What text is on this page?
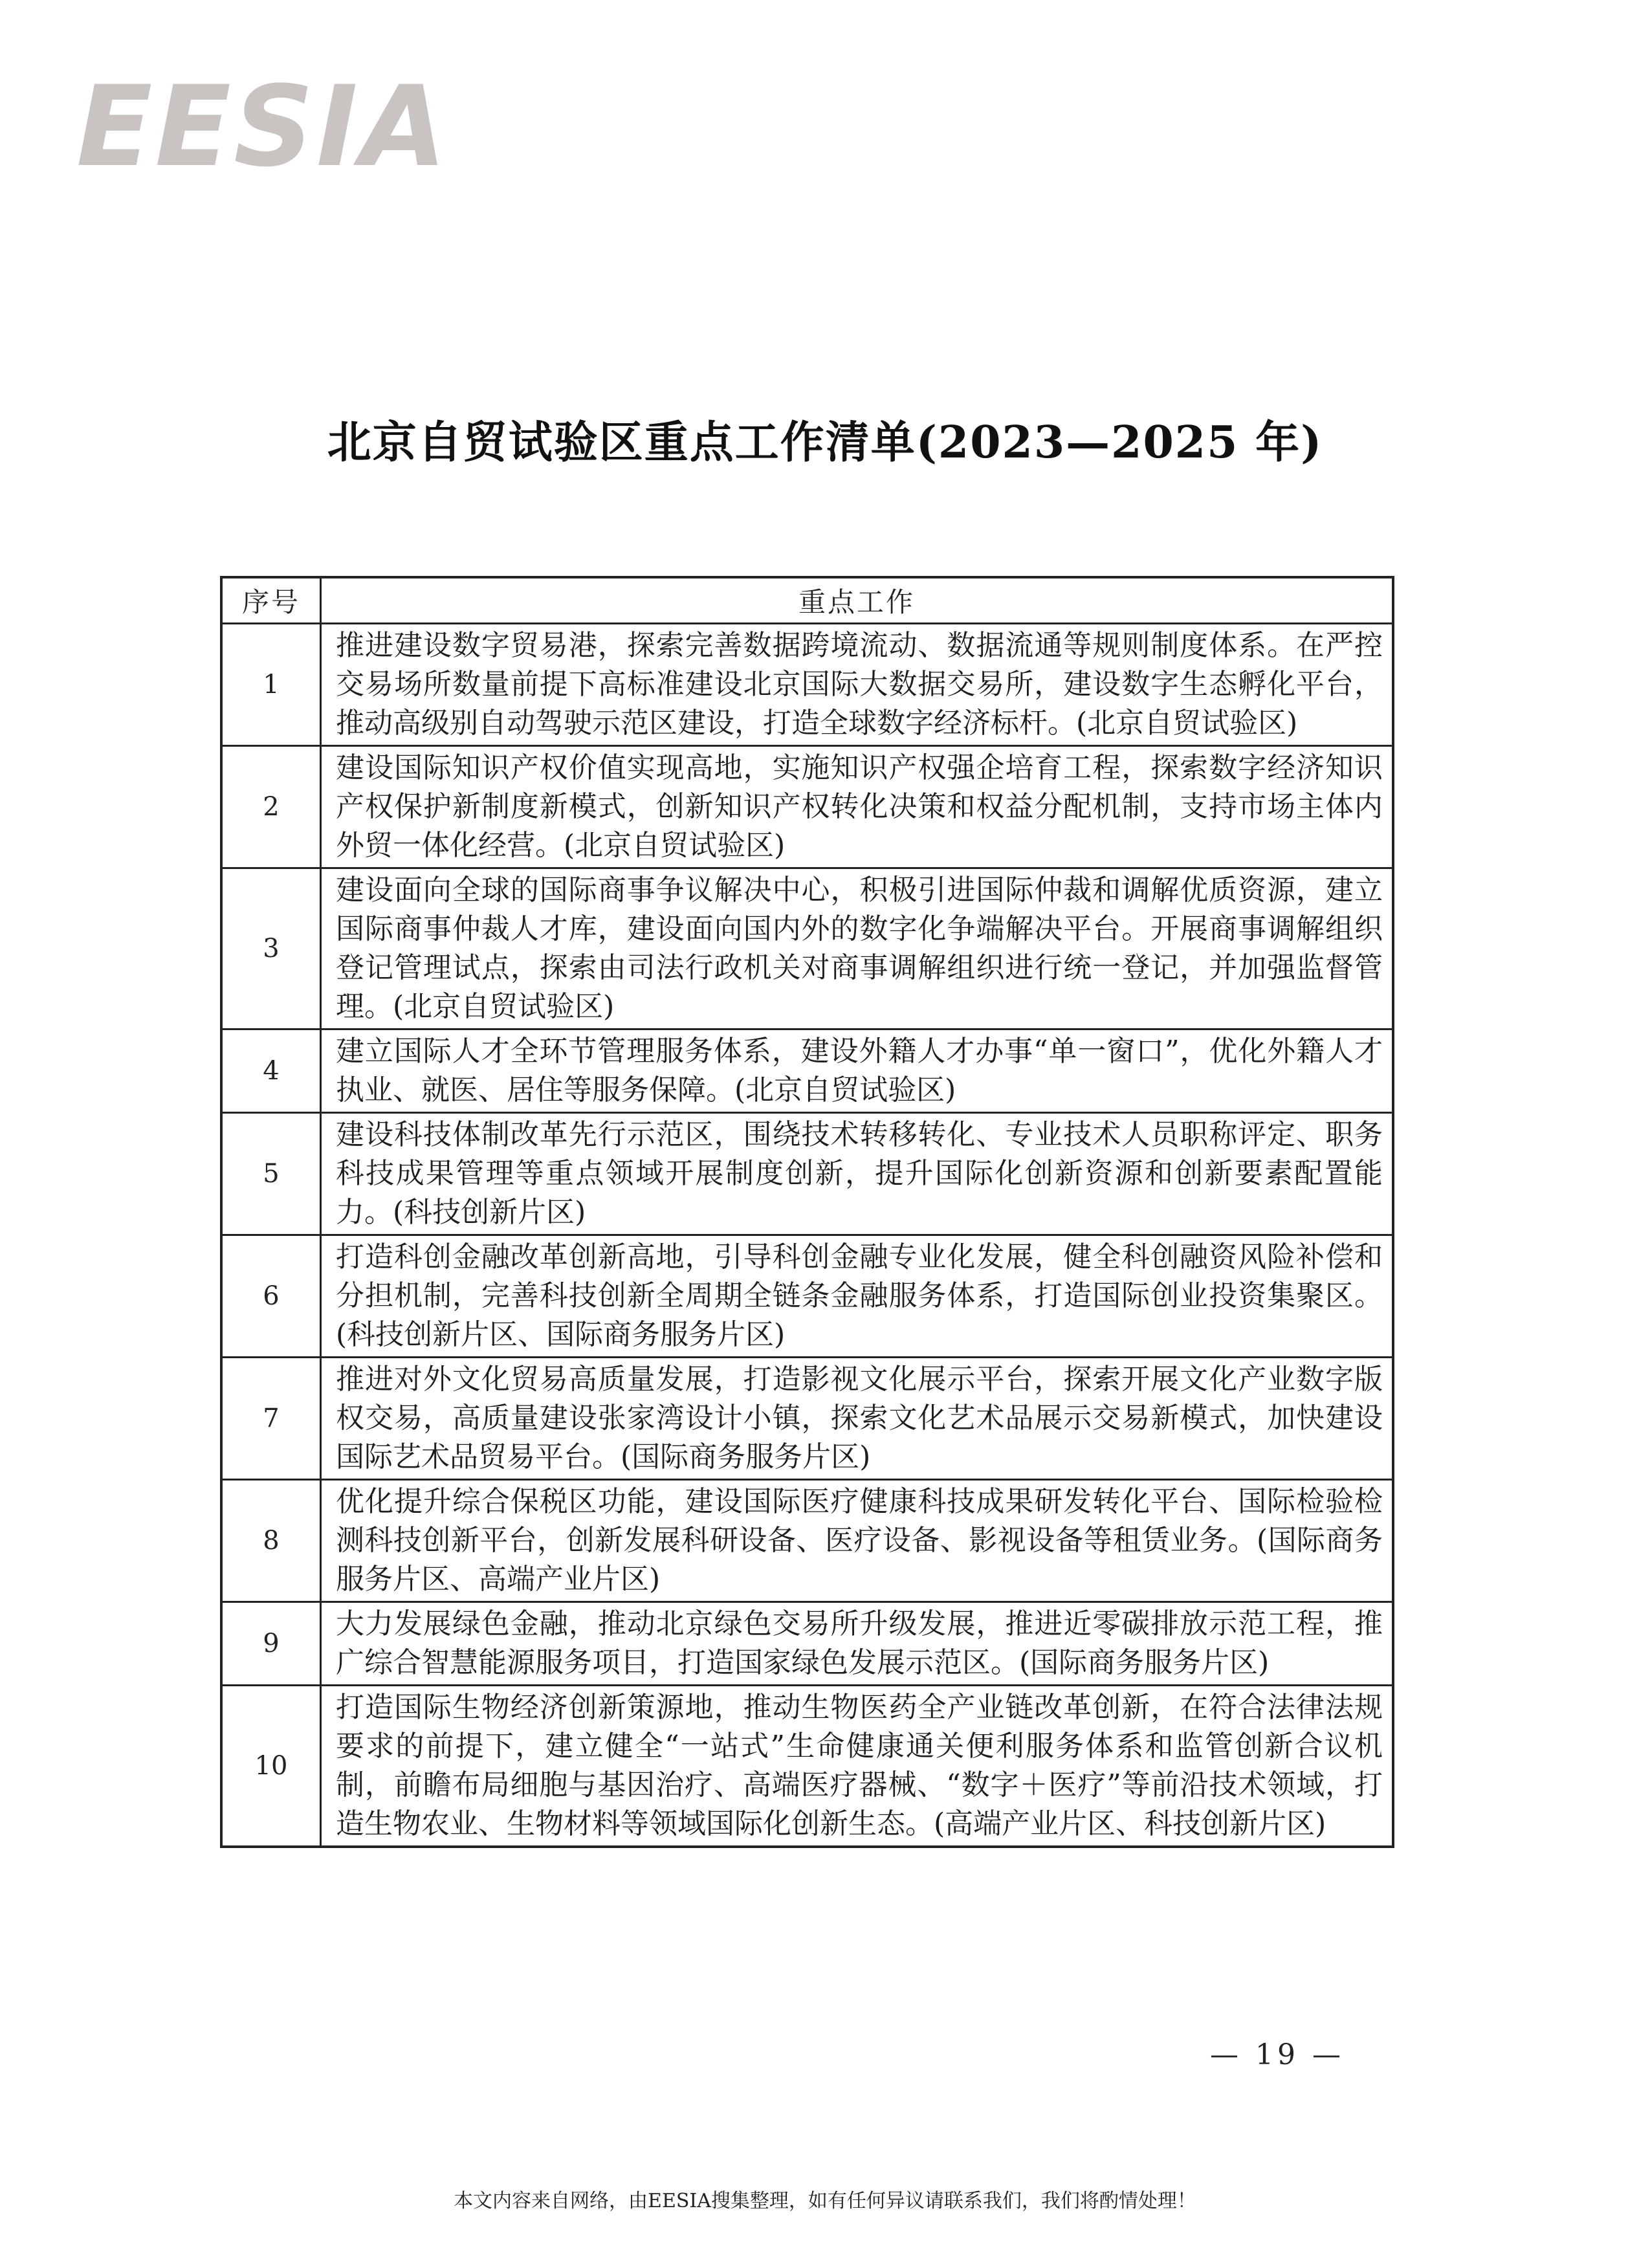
EESIA
北京自贸试验区重点工作清单(2023—2025 年)
序号	重点工作
1	推进建设数字贸易港，探索完善数据跨境流动、数据流通等规则制度体系。在严控交易场所数量前提下高标准建设北京国际大数据交易所，建设数字生态孵化平台，推动高级别自动驾驶示范区建设，打造全球数字经济标杆。(北京自贸试验区)
2	建设国际知识产权价值实现高地，实施知识产权强企培育工程，探索数字经济知识产权保护新制度新模式，创新知识产权转化决策和权益分配机制，支持市场主体内外贸一体化经营。(北京自贸试验区)
3	建设面向全球的国际商事争议解决中心，积极引进国际仲裁和调解优质资源，建立国际商事仲裁人才库，建设面向国内外的数字化争端解决平台。开展商事调解组织登记管理试点，探索由司法行政机关对商事调解组织进行统一登记，并加强监督管理。(北京自贸试验区)
4	建立国际人才全环节管理服务体系，建设外籍人才办事“单一窗口”，优化外籍人才执业、就医、居住等服务保障。(北京自贸试验区)
5	建设科技体制改革先行示范区，围绕技术转移转化、专业技术人员职称评定、职务科技成果管理等重点领域开展制度创新，提升国际化创新资源和创新要素配置能力。(科技创新片区)
6	打造科创金融改革创新高地，引导科创金融专业化发展，健全科创融资风险补偿和分担机制，完善科技创新全周期全链条金融服务体系，打造国际创业投资集聚区。(科技创新片区、国际商务服务片区)
7	推进对外文化贸易高质量发展，打造影视文化展示平台，探索开展文化产业数字版权交易，高质量建设张家湾设计小镇，探索文化艺术品展示交易新模式，加快建设国际艺术品贸易平台。(国际商务服务片区)
8	优化提升综合保税区功能，建设国际医疗健康科技成果研发转化平台、国际检验检测科技创新平台，创新发展科研设备、医疗设备、影视设备等租赁业务。(国际商务服务片区、高端产业片区)
9	大力发展绿色金融，推动北京绿色交易所升级发展，推进近零碳排放示范工程，推广综合智慧能源服务项目，打造国家绿色发展示范区。(国际商务服务片区)
10	打造国际生物经济创新策源地，推动生物医药全产业链改革创新，在符合法律法规要求的前提下，建立健全“一站式”生命健康通关便利服务体系和监管创新合议机制，前瞻布局细胞与基因治疗、高端医疗器械、“数字＋医疗”等前沿技术领域，打造生物农业、生物材料等领域国际化创新生态。(高端产业片区、科技创新片区)
— 19 —
本文内容来自网络，由EESIA搜集整理，如有任何异议请联系我们，我们将酌情处理！
